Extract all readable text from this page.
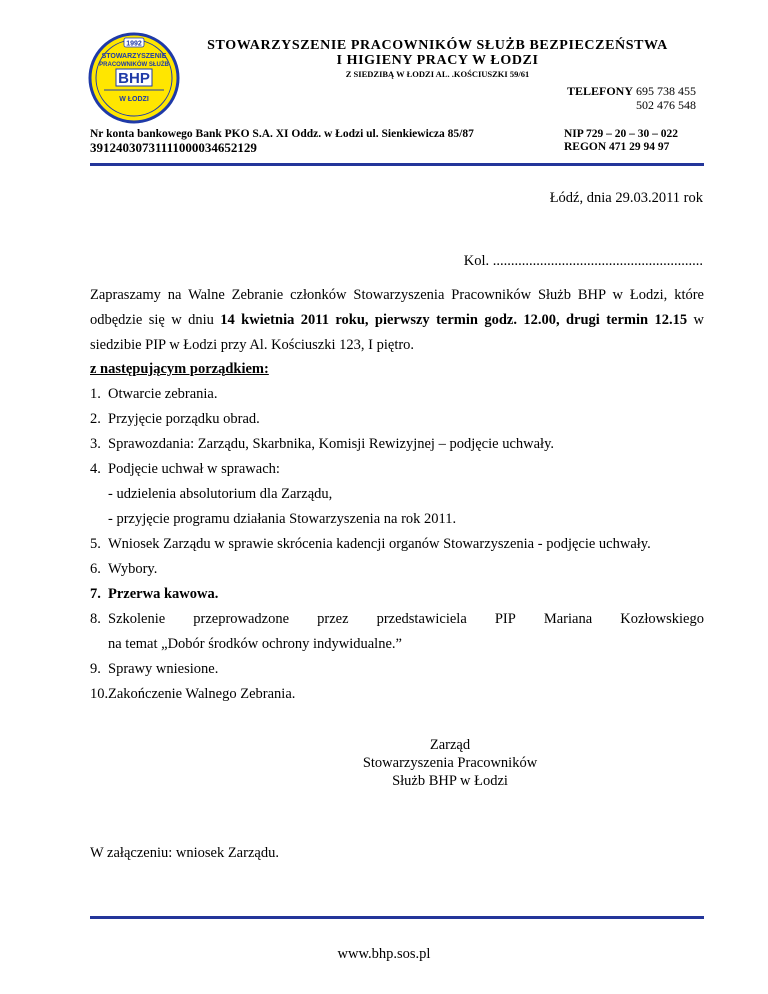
1992
STOWARZYSZENIE
PRACOWNIKÓW SŁUŻB
BHP
W ŁODZI
STOWARZYSZENIE PRACOWNIKÓW SŁUŻB BEZPIECZEŃSTWA
I HIGIENY PRACY W ŁODZI
Z SIEDZIBĄ W ŁODZI AL. .KOŚCIUSZKI 59/61
TELEFONY 695 738 455
502 476 548
Nr konta bankowego Bank PKO S.A. XI Oddz. w Łodzi ul. Sienkiewicza 85/87
39124030731111000034652129
NIP 729 – 20 – 30 – 022
REGON 471 29 94 97
Łódź, dnia 29.03.2011 rok
Kol. ..........................................................
Zapraszamy na Walne Zebranie członków Stowarzyszenia Pracowników Służb BHP w Łodzi, które odbędzie się w dniu 14 kwietnia 2011 roku, pierwszy termin godz. 12.00, drugi termin 12.15 w siedzibie PIP w Łodzi przy Al. Kościuszki 123, I piętro.
z następującym porządkiem:
1. Otwarcie zebrania.
2. Przyjęcie porządku obrad.
3. Sprawozdania: Zarządu, Skarbnika, Komisji Rewizyjnej – podjęcie uchwały.
4. Podjęcie uchwał w sprawach:
- udzielenia absolutorium dla Zarządu,
- przyjęcie programu działania Stowarzyszenia na rok 2011.
5. Wniosek Zarządu w sprawie skrócenia kadencji organów Stowarzyszenia - podjęcie uchwały.
6. Wybory.
7. Przerwa kawowa.
8. Szkolenie przeprowadzone przez przedstawiciela PIP Mariana Kozłowskiego
na temat „Dobór środków ochrony indywidualne.”
9. Sprawy wniesione.
10. Zakończenie Walnego Zebrania.
Zarząd
Stowarzyszenia Pracowników
Służb BHP w Łodzi
W załączeniu: wniosek Zarządu.
www.bhp.sos.pl
